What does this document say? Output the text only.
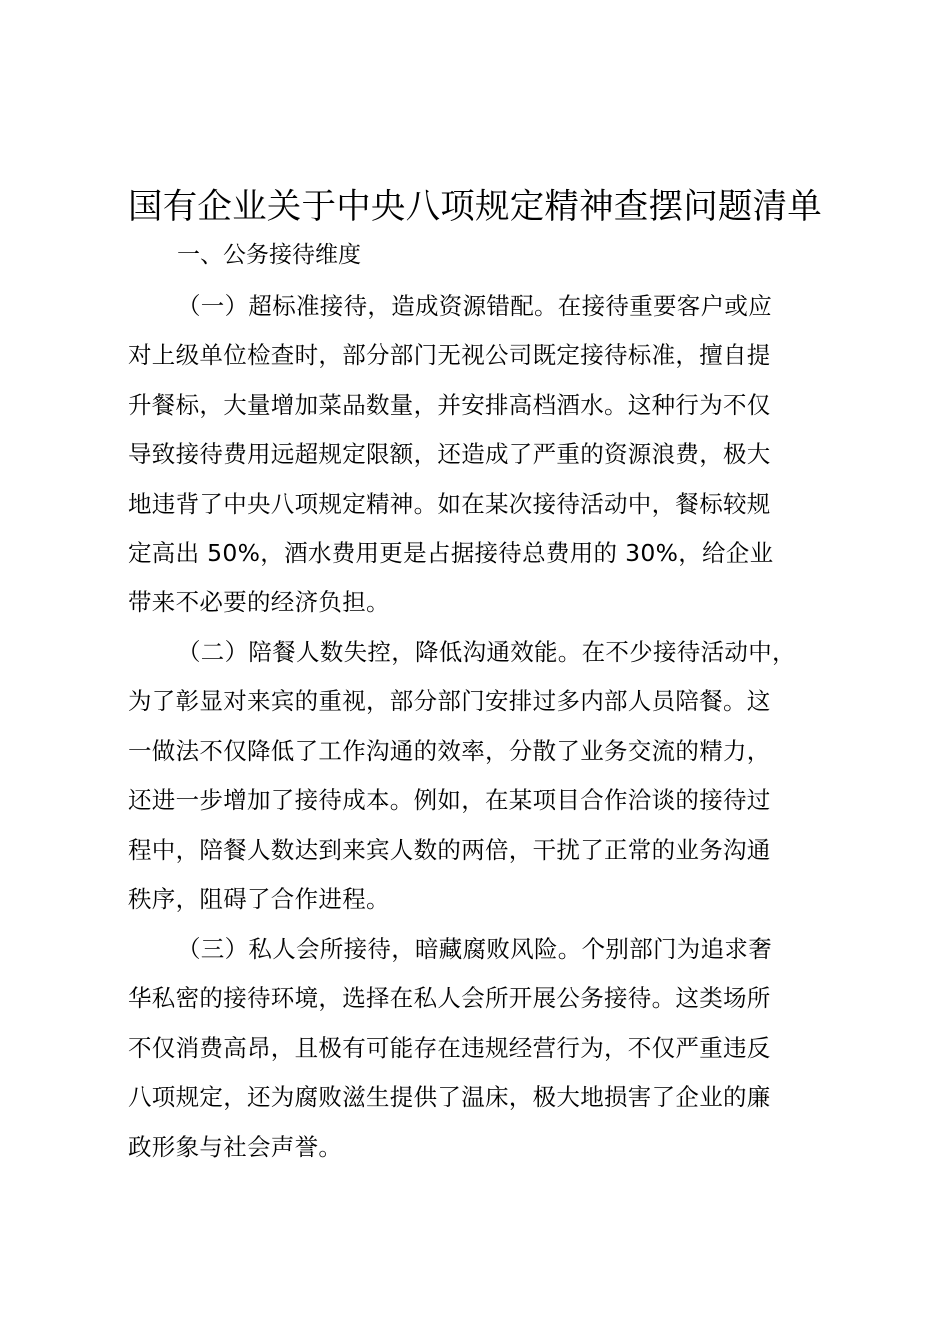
国有企业关于中央八项规定精神查摆问题清单
一、公务接待维度

（一）超标准接待，造成资源错配。在接待重要客户或应
对上级单位检查时，部分部门无视公司既定接待标准，擅自提
升餐标，大量增加菜品数量，并安排高档酒水。这种行为不仅
导致接待费用远超规定限额，还造成了严重的资源浪费，极大
地违背了中央八项规定精神。如在某次接待活动中，餐标较规
定高出 50%，酒水费用更是占据接待总费用的 30%，给企业
带来不必要的经济负担。

（二）陪餐人数失控，降低沟通效能。在不少接待活动中，
为了彰显对来宾的重视，部分部门安排过多内部人员陪餐。这
一做法不仅降低了工作沟通的效率，分散了业务交流的精力，
还进一步增加了接待成本。例如，在某项目合作洽谈的接待过
程中，陪餐人数达到来宾人数的两倍，干扰了正常的业务沟通
秩序，阻碍了合作进程。

（三）私人会所接待，暗藏腐败风险。个别部门为追求奢
华私密的接待环境，选择在私人会所开展公务接待。这类场所
不仅消费高昂，且极有可能存在违规经营行为，不仅严重违反
八项规定，还为腐败滋生提供了温床，极大地损害了企业的廉
政形象与社会声誉。
